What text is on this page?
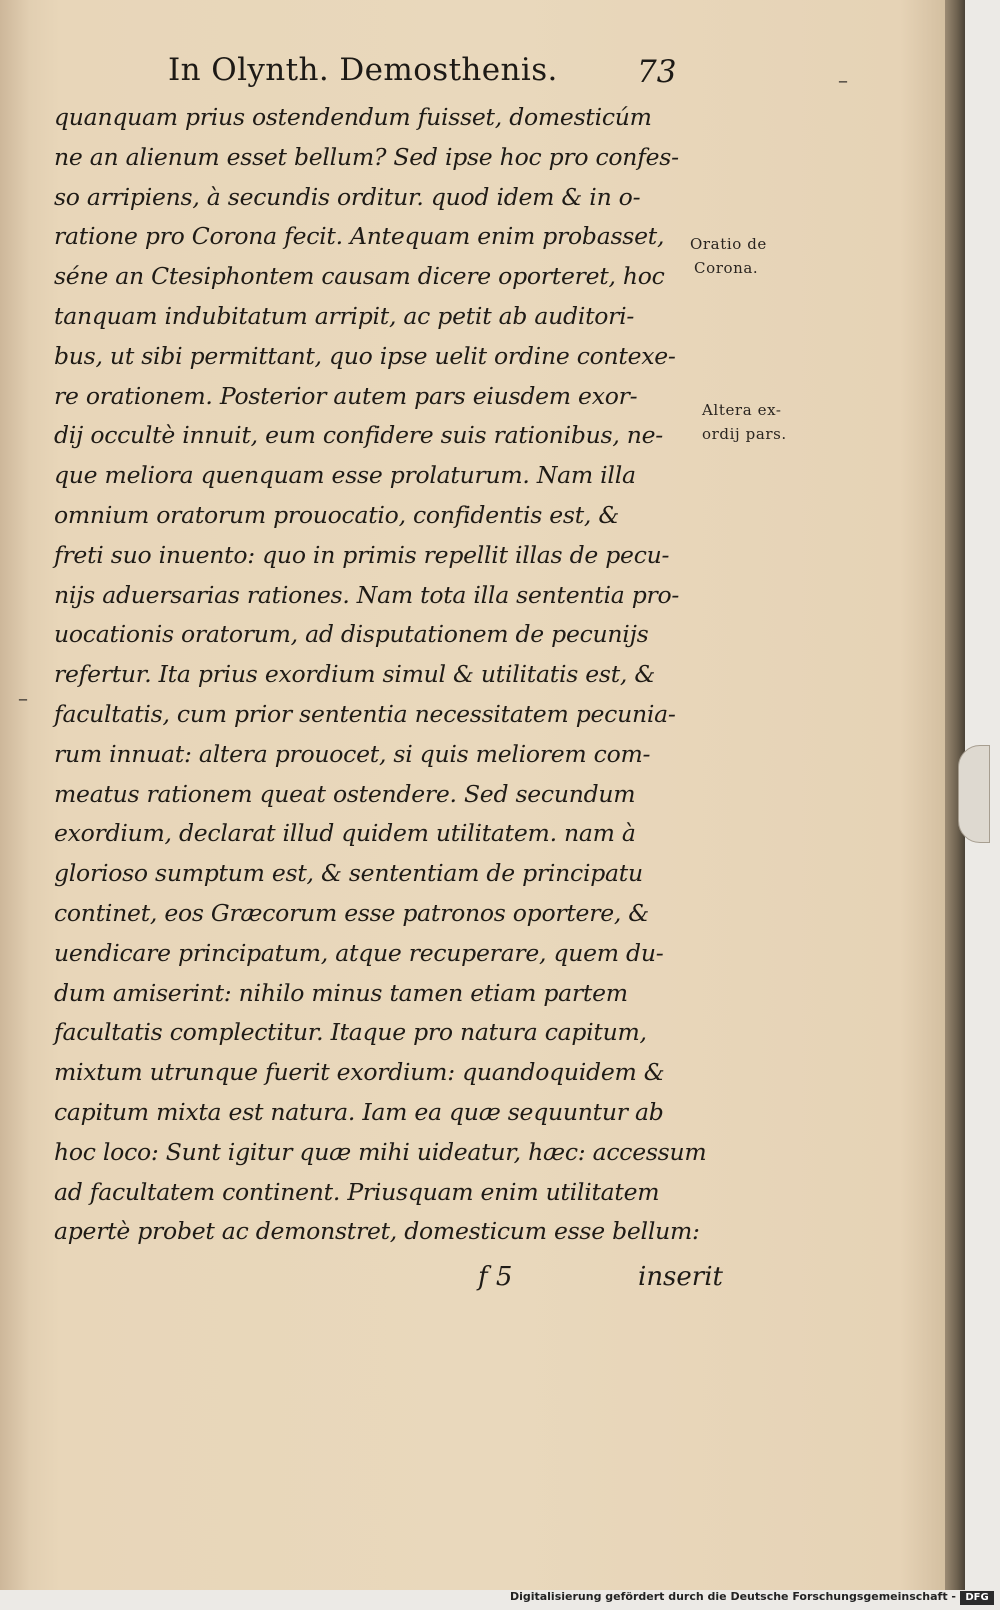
In Olynth. Demosthenis.	73
quanquam prius ostendendum fuisset, domesticúm
ne an alienum esset bellum? Sed ipse hoc pro confes-
so arripiens, à secundis orditur. quod idem & in o-
ratione pro Corona fecit. Antequam enim probasset,
séne an Ctesiphontem causam dicere oporteret, hoc
tanquam indubitatum arripit, ac petit ab auditori-
bus, ut sibi permittant, quo ipse uelit ordine contexe-
re orationem. Posterior autem pars eiusdem exor-
dij occultè innuit, eum confidere suis rationibus, ne-
que meliora quenquam esse prolaturum. Nam illa
omnium oratorum prouocatio, confidentis est, &
freti suo inuento: quo in primis repellit illas de pecu-
nijs aduersarias rationes. Nam tota illa sententia pro-
uocationis oratorum, ad disputationem de pecunijs
refertur. Ita prius exordium simul & utilitatis est, &
facultatis, cum prior sententia necessitatem pecunia-
rum innuat: altera prouocet, si quis meliorem com-
meatus rationem queat ostendere. Sed secundum
exordium, declarat illud quidem utilitatem. nam à
glorioso sumptum est, & sententiam de principatu
continet, eos Græcorum esse patronos oportere, &
uendicare principatum, atque recuperare, quem du-
dum amiserint: nihilo minus tamen etiam partem
facultatis complectitur. Itaque pro natura capitum,
mixtum utrunque fuerit exordium: quandoquidem &
capitum mixta est natura. Iam ea quæ sequuntur ab
hoc loco: Sunt igitur quæ mihi uideatur, hæc: accessum
ad facultatem continent. Priusquam enim utilitatem
apertè probet ac demonstret, domesticum esse bellum:
Oratio de
Corona.
Altera ex-
ordij pars.
f 5	inserit
–
–
Digitalisierung gefördert durch die Deutsche Forschungsgemeinschaft - DFG
